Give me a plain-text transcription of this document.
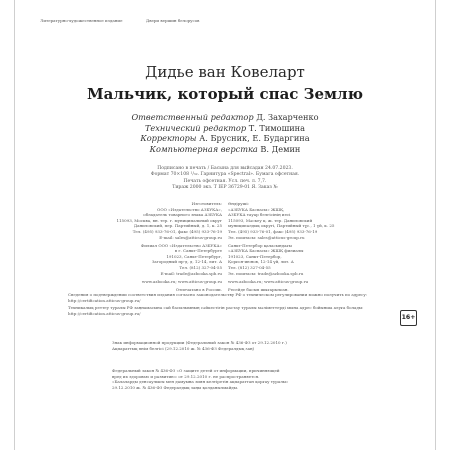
Литературно-художественное издание	Двери вершин белорусов
Дидье ван Ковеларт
Мальчик, который спас Землю
Ответственный редактор Д. Захарченко
Технический редактор Т. Тимошина
Корректоры А. Брусник, Е. Бударгина
Компьютерная верстка В. Демин
Подписано в печать / Басына для выйсадан 24.07.2023.
Формат 70×108 ¹/₃₂. Гарнитура «Spectral». Бумага офсетная.
Печать офсетная. Усл. печ. л. 7,7.
Тираж 2000 экз. Т IEP 36729-01 Я. Заказ №
Изготовитель:
ООО «Издательство АЗБУКА»,
обладатель товарного знака АЗБУКА
115093, Москва, вн. тер. г. муниципальный округ
Даниловский, пер. Партийный, д. 1, к. 25
Тел. (495) 933-76-01, факс (495) 933-76-19
E-mail: sales@atticus-group.ru
Филиал ООО «Издательство АЗБУКА»
в г. Санкт-Петербурге
191023, Санкт-Петербург,
Загородный пр-д, д. 12-14, лит. А
Тел. (812) 327-04-55
E-mail: trade@azbooka.spb.ru
www.azbooka.ru; www.atticus-group.ru
Отпечатано в России.
Өндіруші:
«АЗБУКА Баспасы» ЖШҚ,
АЗБУКА тауар белгісінің иесі
115093, Мәскеу қ. ж. тер. Даниловский
муниципалдық округі, Партийный тұс., 1 үй, к. 25
Тел. (495) 933-76-01, факс (495) 933-76-19
Эл. поштасы: sales@atticus-group.ru
Санкт-Петербор қаласындағы
«АЗБУКА Баспасы» ЖШҚ филиалы
191023, Санкт-Петербор,
Қорғоя-июнов, 12-14 үй, лит. А
Тел. (812) 327-04-55
Эл. поштасы: trade@azbooka.spb.ru
www.azbooka.ru; www.atticus-group.ru
Ресейде басып шығарылған.
Сведения о подтверждении соответствия издания согласно законодательству РФ о техническом регулировании можно получить по адресу: http://certification.atticus-group.ru/
Техникалық реттеу туралы РФ заңнамасына сай басылымның сәйкестігін растау туралы мәліметтерді мына адрес бойынша алуға болады: http://certification.atticus-group.ru/
16+
Знак информационной продукции (Федеральный закон № 436-ФЗ от 29.12.2010 г.)
Ақпараттық өнім белгісі (29.12.2010 ж. № 436-ФЗ Федералдық заң)
Федеральный закон № 436-ФЗ «О защите детей от информации, причиняющей
вред их здоровью и развитию» от 29.12.2010 г. не распространяется.
«Балаларды денсаулығы мен дамуына зиян келтіретін ақпараттан қорғау туралы»
29.12.2010 ж. № 436-ФЗ Федералдық заңы қолданылмайды.
